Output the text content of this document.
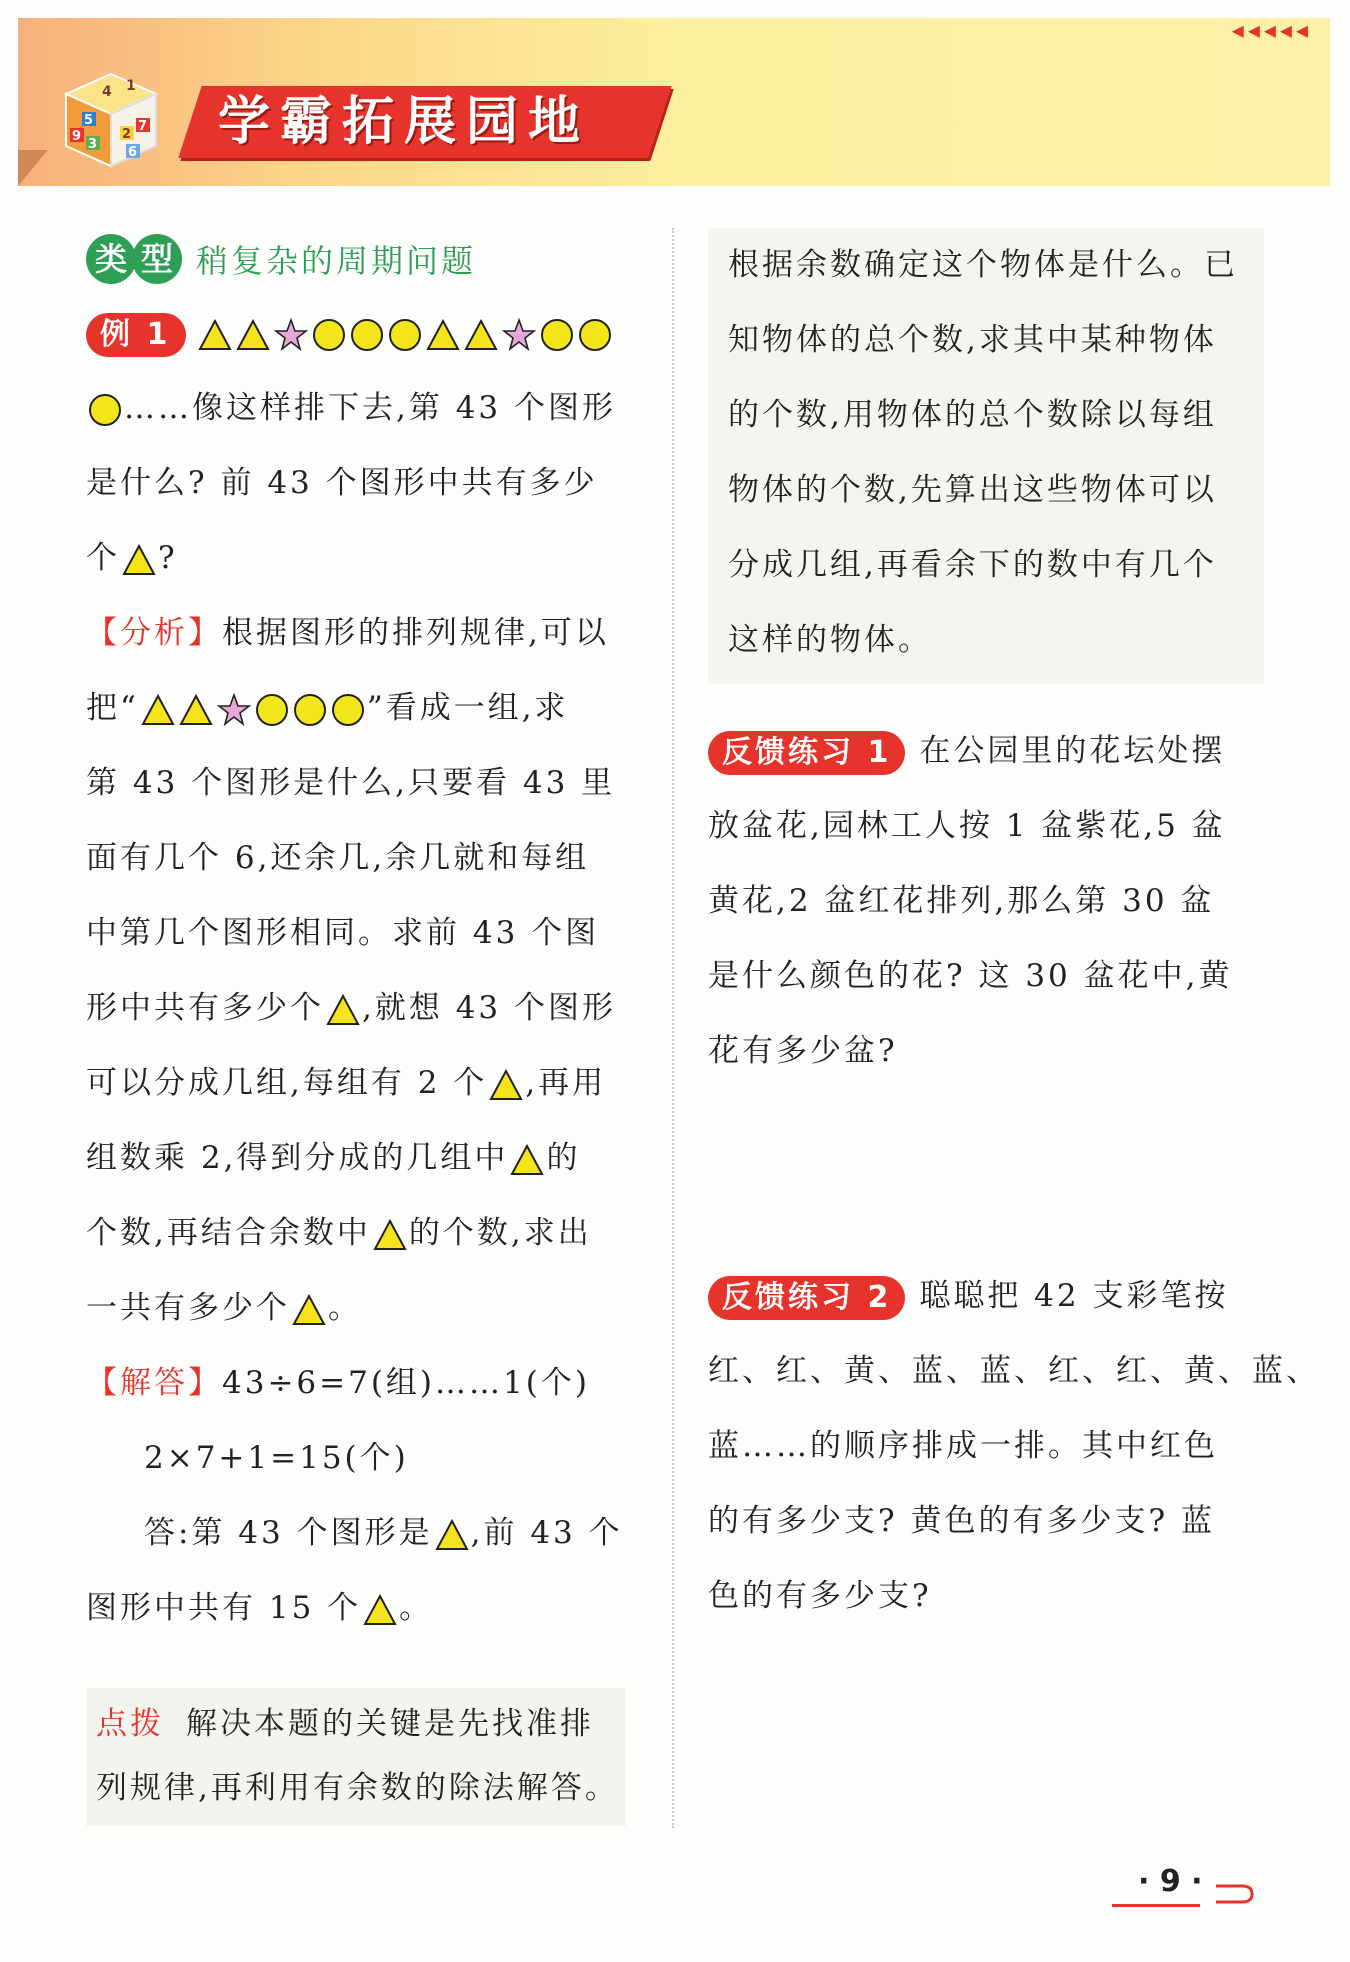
◂◂◂◂◂
学霸拓展园地
4 1
5
9
3
2
7
6
类 型 稍复杂的周期问题
例 1
……像这样排下去,第 43 个图形
是什么? 前 43 个图形中共有多少
个 ?
【分析】根据图形的排列规律,可以
把“	”看成一组,求
第 43 个图形是什么,只要看 43 里
面有几个 6,还余几,余几就和每组
中第几个图形相同。求前 43 个图
形中共有多少个 ,就想 43 个图形
可以分成几组,每组有 2 个 ,再用
组数乘 2,得到分成的几组中 的
个数,再结合余数中 的个数,求出
一共有多少个 。
【解答】43÷6=7(组)……1(个)
2×7+1=15(个)
答:第 43 个图形是 ,前 43 个
图形中共有 15 个 。
点拨 解决本题的关键是先找准排
列规律,再利用有余数的除法解答。
根据余数确定这个物体是什么。已
知物体的总个数,求其中某种物体
的个数,用物体的总个数除以每组
物体的个数,先算出这些物体可以
分成几组,再看余下的数中有几个
这样的物体。
反馈练习 1 在公园里的花坛处摆
放盆花,园林工人按 1 盆紫花,5 盆
黄花,2 盆红花排列,那么第 30 盆
是什么颜色的花? 这 30 盆花中,黄
花有多少盆?
反馈练习 2 聪聪把 42 支彩笔按
红、红、黄、蓝、蓝、红、红、黄、蓝、
蓝……的顺序排成一排。其中红色
的有多少支? 黄色的有多少支? 蓝
色的有多少支?
· 9 ·
